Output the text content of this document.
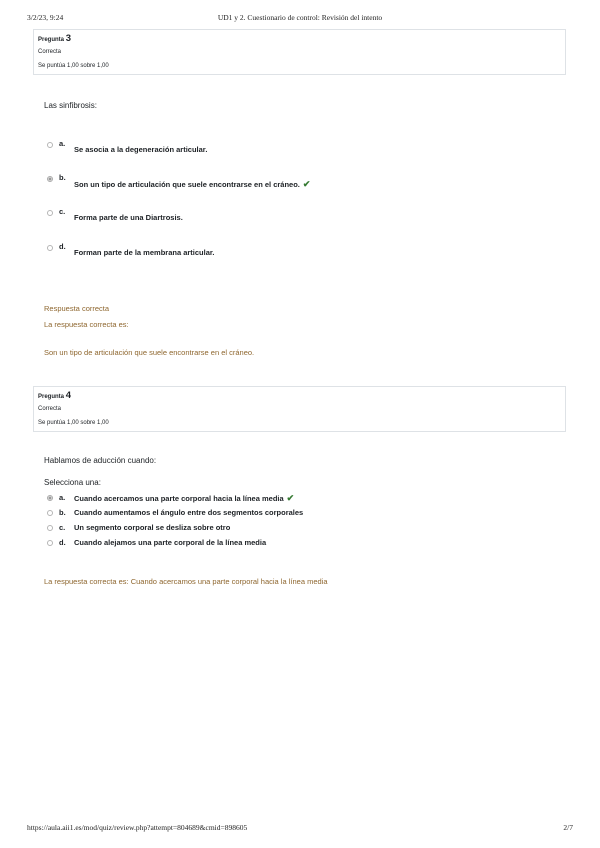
3/2/23, 9:24	UD1 y 2. Cuestionario de control: Revisión del intento
Pregunta 3
Correcta
Se puntúa 1,00 sobre 1,00
Las sinfibrosis:
a.
Se asocia a la degeneración articular.
b.
Son un tipo de articulación que suele encontrarse en el cráneo. ✔
c.
Forma parte de una Diartrosis.
d.
Forman parte de la membrana articular.
Respuesta correcta
La respuesta correcta es:
Son un tipo de articulación que suele encontrarse en el cráneo.
Pregunta 4
Correcta
Se puntúa 1,00 sobre 1,00
Hablamos de aducción cuando:
Selecciona una:
a. Cuando acercamos una parte corporal hacia la línea media ✔
b. Cuando aumentamos el ángulo entre dos segmentos corporales
c. Un segmento corporal se desliza sobre otro
d. Cuando alejamos una parte corporal de la línea media
La respuesta correcta es: Cuando acercamos una parte corporal hacia la línea media
https://aula.aii1.es/mod/quiz/review.php?attempt=804689&cmid=898605	2/7
